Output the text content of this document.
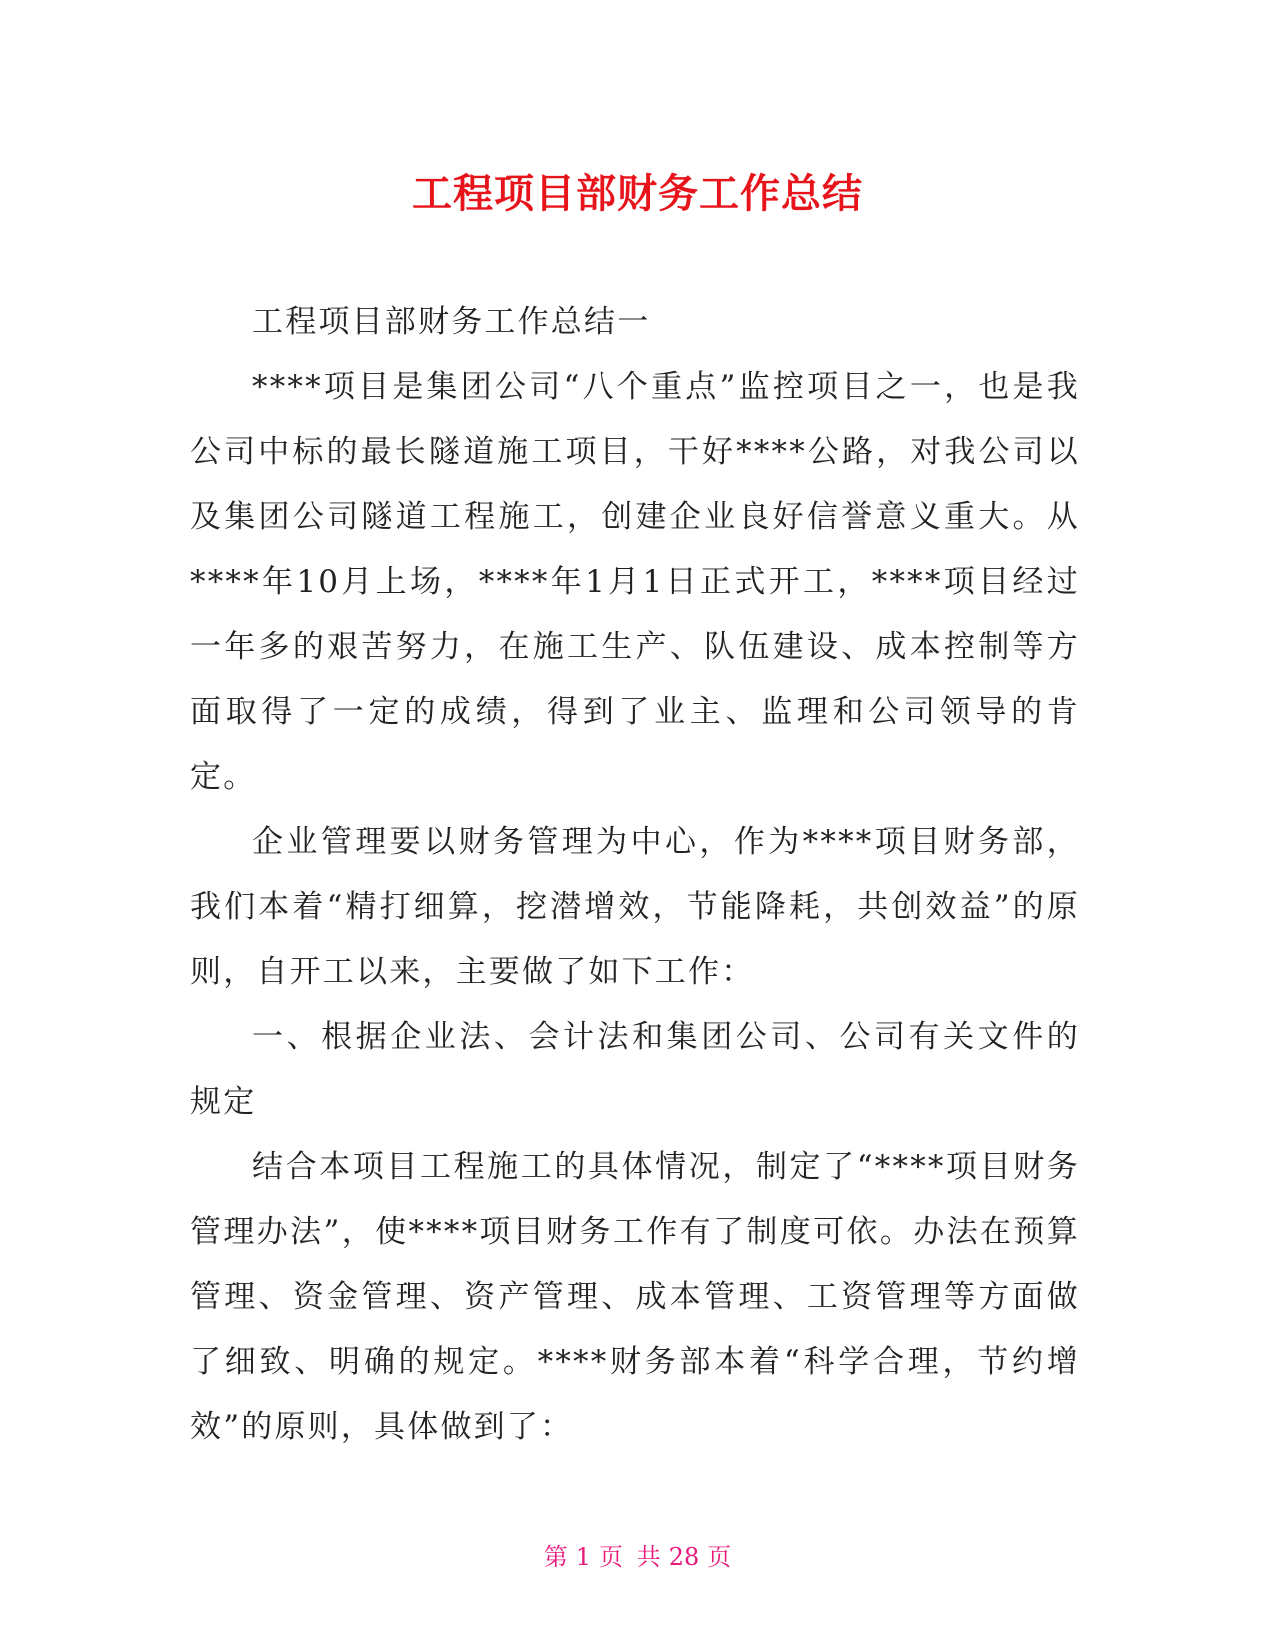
工程项目部财务工作总结

工程项目部财务工作总结一

****项目是集团公司“八个重点”监控项目之一，也是我公司中标的最长隧道施工项目，干好****公路，对我公司以及集团公司隧道工程施工，创建企业良好信誉意义重大。从****年10月上场，****年1月1日正式开工，****项目经过一年多的艰苦努力，在施工生产、队伍建设、成本控制等方面取得了一定的成绩，得到了业主、监理和公司领导的肯定。

企业管理要以财务管理为中心，作为****项目财务部，我们本着“精打细算，挖潜增效，节能降耗，共创效益”的原则，自开工以来，主要做了如下工作：

一、根据企业法、会计法和集团公司、公司有关文件的规定

结合本项目工程施工的具体情况，制定了“****项目财务管理办法”，使****项目财务工作有了制度可依。办法在预算管理、资金管理、资产管理、成本管理、工资管理等方面做了细致、明确的规定。****财务部本着“科学合理，节约增效”的原则，具体做到了：

第 1 页 共 28 页
